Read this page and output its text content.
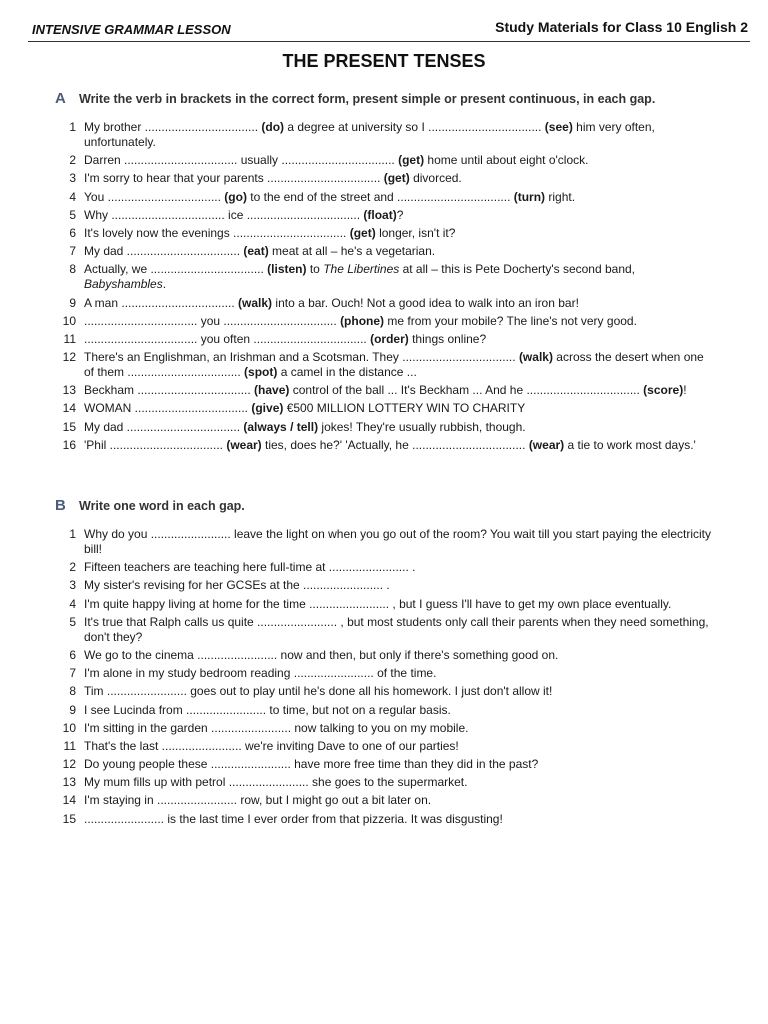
INTENSIVE GRAMMAR LESSON	Study Materials for Class 10 English 2
THE PRESENT TENSES
A Write the verb in brackets in the correct form, present simple or present continuous, in each gap.
1 My brother .................................. (do) a degree at university so I .................................. (see) him very often, unfortunately.
2 Darren .................................. usually .................................. (get) home until about eight o'clock.
3 I'm sorry to hear that your parents .................................. (get) divorced.
4 You .................................. (go) to the end of the street and .................................. (turn) right.
5 Why .................................. ice .................................. (float)?
6 It's lovely now the evenings .................................. (get) longer, isn't it?
7 My dad .................................. (eat) meat at all – he's a vegetarian.
8 Actually, we .................................. (listen) to The Libertines at all – this is Pete Docherty's second band, Babyshambles.
9 A man .................................. (walk) into a bar. Ouch! Not a good idea to walk into an iron bar!
10 .................................. you .................................. (phone) me from your mobile? The line's not very good.
11 .................................. you often .................................. (order) things online?
12 There's an Englishman, an Irishman and a Scotsman. They .................................. (walk) across the desert when one of them .................................. (spot) a camel in the distance ...
13 Beckham .................................. (have) control of the ball ... It's Beckham ... And he .................................. (score)!
14 WOMAN .................................. (give) €500 MILLION LOTTERY WIN TO CHARITY
15 My dad .................................. (always / tell) jokes! They're usually rubbish, though.
16 'Phil .................................. (wear) ties, does he?' 'Actually, he .................................. (wear) a tie to work most days.'
B Write one word in each gap.
1 Why do you ........................ leave the light on when you go out of the room? You wait till you start paying the electricity bill!
2 Fifteen teachers are teaching here full-time at ........................ .
3 My sister's revising for her GCSEs at the ........................ .
4 I'm quite happy living at home for the time ........................ , but I guess I'll have to get my own place eventually.
5 It's true that Ralph calls us quite ........................ , but most students only call their parents when they need something, don't they?
6 We go to the cinema ........................ now and then, but only if there's something good on.
7 I'm alone in my study bedroom reading ........................ of the time.
8 Tim ........................ goes out to play until he's done all his homework. I just don't allow it!
9 I see Lucinda from ........................ to time, but not on a regular basis.
10 I'm sitting in the garden ........................ now talking to you on my mobile.
11 That's the last ........................ we're inviting Dave to one of our parties!
12 Do young people these ........................ have more free time than they did in the past?
13 My mum fills up with petrol ........................ she goes to the supermarket.
14 I'm staying in ........................ row, but I might go out a bit later on.
15 ........................ is the last time I ever order from that pizzeria. It was disgusting!
